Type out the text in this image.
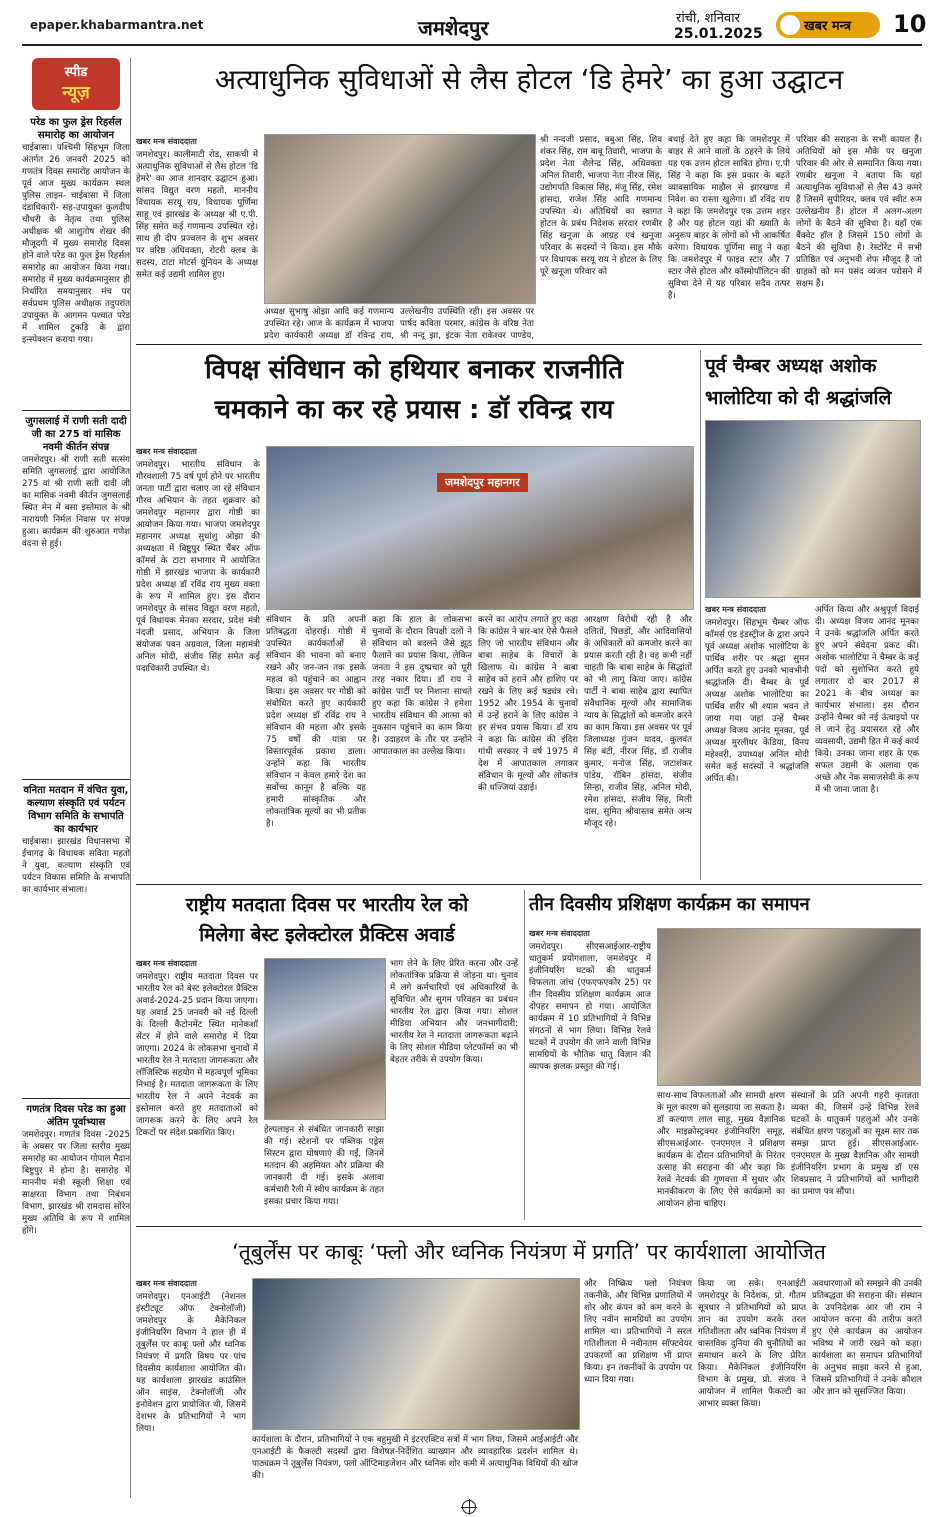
epaper.khabarmantra.net	जमशेदपुर	रांची, शनिवार
25.01.2025	खबर मन्त्र 10
स्पीड
न्यूज़
परेड का फुल ड्रेस रिहर्सल समारोह का आयोजन
चाईबासा। पश्चिमी सिंहभूम जिला अंतर्गत 26 जनवरी 2025 को गणतंत्र दिवस समारोह आयोजन के पूर्व आज मुख्य कार्यक्रम स्थल पुलिस लाइन- चाईबासा में जिला दंडाधिकारी- सह-उपायुक्त कुलदीप चौधरी के नेतृत्व तथा पुलिस अधीक्षक श्री आशुतोष शेखर की मौजूदगी में मुख्य समारोह दिवस होने वाले परेड का फुल ड्रेस रिहर्सल समारोह का आयोजन किया गया। समारोह में मुख्य कार्यक्रमानुसार ही निर्धारित समयानुसार मंच पर सर्वप्रथम पुलिस अधीक्षक तदुपरांत उपायुक्त के आगमन पश्चात परेड में शामिल टुकड़ि के द्वारा इन्स्पेक्शन कराया गया।
जुगसलाई में राणी सती दादी जी का 275 वां मासिक नवमी कीर्तन संपन्न
जमशेदपुर। श्री राणी सती सत्संग समिति जुगसलाई द्वारा आयोजित 275 वां श्री राणी सती दादी जी का मासिक नवमी कीर्तन जुगसलाई स्थित मेन में बसा इस्तेमाल के श्री नारायणी निर्मल निवास पर संपन्न हुआ। कार्यक्रम की शुरुआत गणेश वंदना से हुई।
वनिता मतदान में वंचित युवा, कल्याण संस्कृति एवं पर्यटन विभाग समिति के सभापति का कार्यभार
चाईबासा। झारखंड विधानसभा में ईंचागढ़ के विधायक सविता महतो ने युवा, कल्याण संस्कृति एवं पर्यटन विकास समिति के सभापति का कार्यभार संभाला।
गणतंत्र दिवस परेड का हुआ अंतिम पूर्वाभ्यास
जमशेदपुर। गणतंत्र दिवस -2025 के अवसर पर जिला स्तरीय मुख्य समारोह का आयोजन गोपाल मैदान बिष्टुपुर में होना है। समारोह में माननीय मंत्री स्कूली शिक्षा एवं साक्षरता विभाग तथा निबंधन विभाग, झारखंड श्री रामदास सोरेन मुख्य अतिथि के रूप में शामिल होंगे।
अत्याधुनिक सुविधाओं से लैस होटल ‘डि हेमरे’ का हुआ उद्घाटन
खबर मन्त्र संवाददाता
जमशेदपुर। कालीमाटी रोड, साकची में अत्याधुनिक सुविधाओं से लैस होटल 'डि हेमरे' का आज शानदार उद्घाटन हुआ। सांसद विद्युत वरण महतो, माननीय विधायक सरयू राय, विधायक पूर्णिमा साहू एवं झारखंड के अध्यक्ष श्री ए.पी. सिंह समेत कई गणमान्य उपस्थित रहे। साथ ही दीप प्रज्वलन के शुभ अवसर पर वरिष्ठ अधिवक्ता, रोटरी क्लब के सदस्य, टाटा मोटर्स यूनियन के अध्यक्ष समेत कई उद्यमी शामिल हुए।
अध्यक्ष सुभाषु ओझा आदि कई गणमान्य उपस्थित रहे। आज के कार्यक्रम में भाजपा प्रदेश कार्यकारी अध्यक्ष डॉ रविन्द्र राय,
उल्लेखनीय उपस्थिति रही। इस अवसर पर पार्षद कविता परमार, कांग्रेस के वरिष्ठ नेता श्री नन्दू झा, इंटक नेता राकेश्वर पाण्डेय,
श्री नन्दजी प्रसाद, बबुआ सिंह, शिव शंकर सिंह, राम बाबू तिवारी, भाजपा के प्रदेश नेता शैलेन्द्र सिंह, अधिवक्ता अनिल तिवारी, भाजपा नेता नीरज सिंह, उद्योगपति विकास सिंह, मंजू सिंह, रमेश हांसदा, राजेश सिंह आदि गणमान्य उपस्थित थे। अतिथियों का स्वागत होटल के प्रबंध निदेशक सरदार रणबीर सिंह खनूजा के आग्रह एवं खनूजा परिवार के सदस्यों ने किया। इस मौके पर विधायक सरयू राय ने होटल के लिए पूरे खनूजा परिवार को
बधाई देते हुए कहा कि जमशेदपुर में बाहर से आने वालों के ठहरने के लिये यह एक उत्तम होटल साबित होगा। ए.पी सिंह ने कहा कि इस प्रकार के बढ़ते व्यावसायिक माहौल से झारखण्ड में निवेश का रास्ता खुलेगा। डॉ रविंद्र राय ने कहा कि जमशेदपुर एक उत्तम शहर है और यह होटल यहां की ख्याति के अनुरूप बाहर के लोगों को भी आकर्षित करेगा। विधायक पूर्णिमा साहू ने कहा कि जमशेदपुर में फाइव स्टार और 7 स्टार जैसे होटल और कॉस्मोपॉलिटन की सुविधा देने में यह परिवार सदैव तत्पर है।
परिवार की सराहना के सभी कायल हैं। अतिथियों को इस मौके पर खनूजा परिवार की ओर से सम्मानित किया गया। रणबीर खनूजा ने बताया कि यहां अत्याधुनिक सुविधाओं से लैस 43 कमरे हैं जिसमें सुपीरियर, क्लब एवं स्वीट रूम उल्लेखनीय हैं। होटल में अलग-अलग लोगों के बैठने की सुविधा है। यहाँ एक बैंक्वेट हॉल है जिसमें 150 लोगों के बैठने की सुविधा है। रेस्टोरेंट में सभी प्रतिष्ठित एवं अनुभवी शेफ मौजूद हैं जो ग्राहकों को मन पसंद व्यंजन परोसने में सक्षम हैं।
विपक्ष संविधान को हथियार बनाकर राजनीति
चमकाने का कर रहे प्रयास : डॉ रविन्द्र राय
खबर मन्त्र संवाददाता
जमशेदपुर। भारतीय संविधान के गौरवशाली 75 वर्ष पूर्ण होने पर भारतीय जनता पार्टी द्वारा चलाए जा रहे संविधान गौरव अभियान के तहत शुक्रवार को जमशेदपुर महानगर द्वारा गोष्ठी का आयोजन किया गया। भाजपा जमशेदपुर महानगर अध्यक्ष सुधांशु ओझा की अध्यक्षता में बिष्टुपुर स्थित चैंबर ऑफ कॉमर्स के टाटा सभागार में आयोजित गोष्ठी में झारखंड भाजपा के कार्यकारी प्रदेश अध्यक्ष डॉ रविंद्र राय मुख्य वक्ता के रूप में शामिल हुए। इस दौरान जमशेदपुर के सांसद विद्युत वरण महतो, पूर्व विधायक मेनका सरदार, प्रदेश मंत्री नंदजी प्रसाद, अभियान के जिला संयोजक पवन अग्रवाल, जिला महामंत्री अनिल मोदी, संजीव सिंह समेत कई पदाधिकारी उपस्थित थे।
जमशेदपुर महानगर
संविधान के प्रति अपनी प्रतिबद्धता दोहराई। गोष्ठी में उपस्थित कार्यकर्ताओं से संविधान की भावना को बनाए रखने और जन-जन तक इसके महत्व को पहुंचाने का आह्वान किया। इस अवसर पर गोष्ठी को संबोधित करते हुए कार्यकारी प्रदेश अध्यक्ष डॉ रविंद्र राय ने संविधान की महत्ता और इसके 75 वर्षों की यात्रा पर विस्तारपूर्वक प्रकाश डाला। उन्होंने कहा कि भारतीय संविधान न केवल हमारे देश का सर्वोच्च कानून है बल्कि यह हमारी सांस्कृतिक और लोकतांत्रिक मूल्यों का भी प्रतीक है।
कहा कि हाल के लोकसभा चुनावों के दौरान विपक्षी दलों ने संविधान को बदलने जैसे झूठ फैलाने का प्रयास किया, लेकिन जनता ने इस दुष्प्रचार को पूरी तरह नकार दिया। डॉ राय ने कांग्रेस पार्टी पर निशाना साधते हुए कहा कि कांग्रेस ने हमेशा भारतीय संविधान की आत्मा को नुकसान पहुंचाने का काम किया है। उदाहरण के तौर पर उन्होंने आपातकाल का उल्लेख किया।
करने का आरोप लगाते हुए कहा कि कांग्रेस ने बार-बार ऐसे फैसले लिए जो भारतीय संविधान और बाबा साहेब के विचारों के खिलाफ थे। कांग्रेस ने बाबा साहेब को हराने और हाशिए पर रखने के लिए कई षड्यंत्र रचे। 1952 और 1954 के चुनावों में उन्हें हराने के लिए कांग्रेस ने हर संभव प्रयास किया। डॉ राय ने कहा कि कांग्रेस की इंदिरा गांधी सरकार ने वर्ष 1975 में देश में आपातकाल लगाकर संविधान के मूल्यों और लोकतंत्र की धज्जियां उड़ाई।
आरक्षण विरोधी रही है और दलितों, पिछड़ों, और आदिवासियों के अधिकारों को कमजोर करने का प्रयास करती रही है। वह कभी नहीं चाहती कि बाबा साहेब के सिद्धांतों को भी लागू किया जाए। कांग्रेस पार्टी ने बाबा साहेब द्वारा स्थापित संवैधानिक मूल्यों और सामाजिक न्याय के सिद्धांतों को कमजोर करने का काम किया। इस अवसर पर पूर्व जिलाध्यक्ष गुंजन यादव, कुलवंत सिंह बंटी, नीरज सिंह, डॉ राजीव कुमार, मनोज सिंह, जटाशंकर पांडेय, रॉबिन हांसदा, संजीव सिन्हा, राजीव सिंह, अनिल मोदी, रमेश हांसदा, संजीव सिंह, मिली दास, सुमित श्रीवास्तव समेत अन्य मौजूद रहे।
पूर्व चैम्बर अध्यक्ष अशोक भालोटिया को दी श्रद्धांजलि
खबर मन्त्र संवाददाता
जमशेदपुर। सिंहभूम चैम्बर ऑफ कॉमर्स एंड इंडस्ट्रीज के द्वारा अपने पूर्व अध्यक्ष अशोक भालोटिया के पार्थिव शरीर पर श्रद्धा सुमन अर्पित करते हुए उनको भावभीनी श्रद्धांजलि दी। चैम्बर के पूर्व अध्यक्ष अशोक भालोटिया का पार्थिव शरीर श्री श्याम भवन ले जाया गया जहां उन्हें चैम्बर अध्यक्ष विजय आनंद मूनका, पूर्व अध्यक्ष मुरलीधर केडिया, विनय महेश्वरी, उपाध्यक्ष अनिल मोदी समेत कई सदस्यों ने श्रद्धांजलि अर्पित की।
अर्पित किया और अश्रुपूर्ण विदाई दी। अध्यक्ष विजय आनंद मूनका ने उनके श्रद्धांजलि अर्पित करते हुए अपने संवेदना प्रकट की। अशोक भालोटिया ने चैम्बर के कई पदों को सुशोभित करते हुये लगातार दो बार 2017 से 2021 के बीच अध्यक्ष का कार्यभार संभाला। इस दौरान उन्होंने चैम्बर को नई ऊंचाइयों पर ले जाने हेतु प्रयासरत रहे और व्यवसायी, उद्यमी हित में कई कार्य किये। उनका जाना शहर के एक सफल उद्यमी के अलावा एक अच्छे और नेक समाजसेवी के रूप में भी जाना जाता है।
राष्ट्रीय मतदाता दिवस पर भारतीय रेल को
मिलेगा बेस्ट इलेक्टोरल प्रैक्टिस अवार्ड
खबर मन्त्र संवाददाता
जमशेदपुर। राष्ट्रीय मतदाता दिवस पर भारतीय रेल को बेस्ट इलेक्टोरल प्रैक्टिस अवार्ड-2024-25 प्रदान किया जाएगा। यह अवार्ड 25 जनवरी को नई दिल्ली के दिल्ली कैंटोनमेंट स्थित मानेकशॉ सेंटर में होने वाले समारोह में दिया जाएगा। 2024 के लोकसभा चुनावों में भारतीय रेल ने मतदाता जागरूकता और लॉजिस्टिक सहयोग में महत्वपूर्ण भूमिका निभाई है। मतदाता जागरूकता के लिए भारतीय रेल ने अपने नेटवर्क का इस्तेमाल करते हुए मतदाताओं को जागरूक करने के लिए अपने रेल टिकटों पर संदेश प्रकाशित किए।	हेल्पलाइन से संबंधित जानकारी साझा की गई। स्टेशनों पर पब्लिक एड्रेस सिस्टम द्वारा घोषणाएं की गईं, जिनमें मतदान की अहमियत और प्रक्रिया की जानकारी दी गई। इसके अलावा कर्मचारी रैली में स्वीप कार्यक्रम के तहत इसका प्रचार किया गया।
भाग लेने के लिए प्रेरित करना और उन्हें लोकतांत्रिक प्रक्रिया से जोड़ना था। चुनाव में लगे कर्मचारियों एवं अधिकारियों के सुविधित और सुगम परिवहन का प्रबंधन भारतीय रेल द्वारा किया गया। सोशल मीडिया अभियान और जनभागीदारी: भारतीय रेल ने मतदाता जागरूकता बढ़ाने के लिए सोशल मीडिया प्लेटफॉर्म्स का भी बेहतर तरीके से उपयोग किया।
तीन दिवसीय प्रशिक्षण कार्यक्रम का समापन
खबर मन्त्र संवाददाता
जमशेदपुर। सीएसआईआर-राष्ट्रीय धातुकर्म प्रयोगशाला, जमशेदपुर में इंजीनियरिंग घटकों की धातुकर्म विफलता जांच (एफएफएकोर 25) पर तीन दिवसीय प्रशिक्षण कार्यक्रम आज दोपहर समापन हो गया। आयोजित कार्यक्रम में 10 प्रतिभागियों ने विभिन्न संगठनों से भाग लिया। विभिन्न रेलवे घटकों में उपयोग की जाने वाली विभिन्न सामग्रियों के भौतिक धातु विज्ञान की व्यापक झलक प्रस्तुत की गई।
साथ-साथ विफलताओं और सामग्री क्षरण के मूल कारण को सुलझाया जा सकता है। डॉ कल्याण लाल साहू, मुख्य वैज्ञानिक और माइक्रोस्ट्रक्चर इंजीनियरिंग समूह, सीएसआईआर- एनएमएल ने प्रशिक्षण कार्यक्रम के दौरान प्रतिभागियों के निरंतर उत्साह की सराहना की और कहा कि रेलवे नेटवर्क की गुणवत्ता में सुधार और मानकीकरण के लिए ऐसे कार्यक्रमों का आयोजन होना चाहिए।
संस्थानों के प्रति अपनी गहरी कृतज्ञता व्यक्त की, जिसमें उन्हें विभिन्न रेलवे घटकों के धातुकर्म पहलुओं और उनके संबंधित क्षरण पहलुओं का सूक्ष्म स्तर तक समझ प्राप्त हुई। सीएसआईआर- एनएमएल के मुख्य वैज्ञानिक और सामग्री इंजीनियरिंग प्रभाग के प्रमुख डॉ एस शिवप्रसाद ने प्रतिभागियों को भागीदारी का प्रमाण पत्र सौंपा।
‘तूबुर्लेंस पर काबूः ‘फ्लो और ध्वनिक नियंत्रण में प्रगति’ पर कार्यशाला आयोजित
खबर मन्त्र संवाददाता
जमशेदपुर। एनआईटी (नेशनल इंस्टीट्यूट ऑफ टेक्नोलॉजी) जमशेदपुर के मैकेनिकल इंजीनियरिंग विभाग ने हाल ही में तूबुर्लेंस पर काबूः फ्लो और ध्वनिक नियंत्रण में प्रगति विषय पर पांच दिवसीय कार्यशाला आयोजित की। यह कार्यशाला झारखंड काउंसिल ऑन साइंस, टेक्नोलॉजी और इनोवेशन द्वारा प्रायोजित थी, जिसमें देशभर के प्रतिभागियों ने भाग लिया।
कार्यशाला के दौरान, प्रतिभागियों ने एक बहुमुखी में इंटरएक्टिव सत्रों में भाग लिया, जिसमें आईआईटी और एनआईटी के फैकल्टी सदस्यों द्वारा विशेषज्ञ-निर्देशित व्याख्यान और व्यावहारिक प्रदर्शन शामिल थे। पाठ्यक्रम ने तूबुर्लेंस नियंत्रण, फ्लो ऑप्टिमाइजेशन और ध्वनिक शोर कमी में अत्याधुनिक विधियों की खोज की।
और निष्क्रिय फ्लो नियंत्रण तकनीकें, और विभिन्न प्रणालियों में शोर और कंपन को कम करने के लिए नवीन सामग्रियों का उपयोग शामिल था। प्रतिभागियों ने सरल गतिशीलता में नवीनतम सॉफ्टवेयर उपकरणों का प्रशिक्षण भी प्राप्त किया। इन तकनीकों के उपयोग पर ध्यान दिया गया।
किया जा सके। एनआईटी जमशेदपुर के निदेशक, प्रो. गौतम सूत्रधार ने प्रतिभागियों को प्राप्त ज्ञान का उपयोग करके तरल गतिशीलता और ध्वनिक नियंत्रण में वास्तविक दुनिया की चुनौतियों का समाधान करने के लिए प्रेरित किया। मैकेनिकल इंजीनियरिंग विभाग के प्रमुख, प्रो. संजय ने आयोजन में शामिल फैकल्टी का आभार व्यक्त किया।
अवधारणाओं को समझने की उनकी प्रतिबद्धता की सराहना की। संस्थान के उपनिदेशक आर जी राम ने आयोजन करना की तारीफ करते हुए ऐसे कार्यक्रम का आयोजन भविष्य में जारी रखने को कहा। कार्यशाला का समापन प्रतिभागियों के अनुभव साझा करने से हुआ, जिसमें प्रतिभागियों ने उनके कौशल और ज्ञान को सुसज्जित किया।
